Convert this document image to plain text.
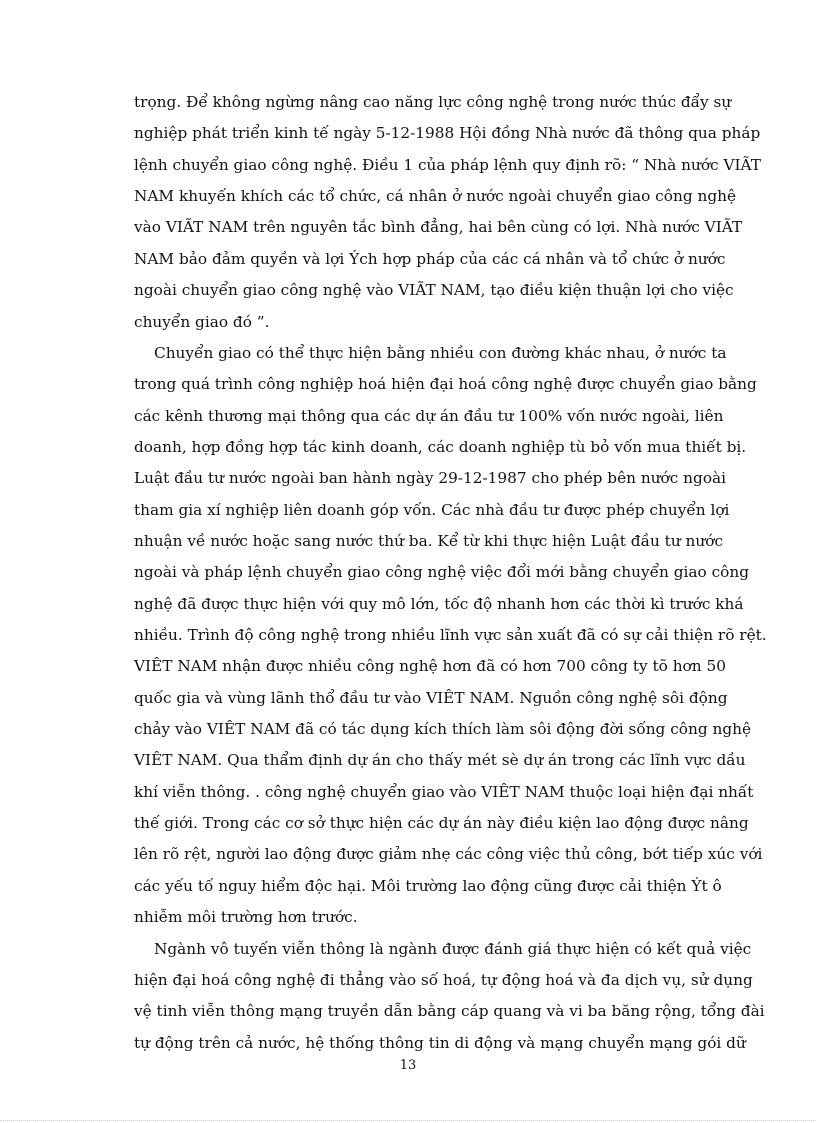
trọng. Để không ngừng nâng cao năng lực công nghệ trong nước thúc đẩy sự
nghiệp phát triển kinh tế ngày 5-12-1988 Hội đồng Nhà nước đã thông qua pháp
lệnh chuyển giao công nghệ. Điều 1 của pháp lệnh quy định rõ: “ Nhà nước VIÃT
NAM khuyến khích các tổ chức, cá nhân ở nước ngoài chuyển giao công nghệ
vào VIÃT NAM trên nguyên tắc bình đẳng, hai bên cùng có lợi. Nhà nước VIÃT
NAM bảo đảm quyền và lợi Ých hợp pháp của các cá nhân và tổ chức ở nước
ngoài chuyển giao công nghệ vào VIÃT NAM, tạo điều kiện thuận lợi cho việc
chuyển giao đó ”.
Chuyển giao có thể thực hiện bằng nhiều con đường khác nhau, ở nước ta
trong quá trình công nghiệp hoá hiện đại hoá công nghệ được chuyển giao bằng
các kênh thương mại thông qua các dự án đầu tư 100% vốn nước ngoài, liên
doanh, hợp đồng hợp tác kinh doanh, các doanh nghiệp tù bỏ vốn mua thiết bị.
Luật đầu tư nước ngoài ban hành ngày 29-12-1987 cho phép bên nước ngoài
tham gia xí nghiệp liên doanh góp vốn. Các nhà đầu tư được phép chuyển lợi
nhuận về nước hoặc sang nước thứ ba. Kể từ khi thực hiện Luật đầu tư nước
ngoài và pháp lệnh chuyển giao công nghệ việc đổi mới bằng chuyển giao công
nghệ đã được thực hiện với quy mô lớn, tốc độ nhanh hơn các thời kì trước khá
nhiều. Trình độ công nghệ trong nhiều lĩnh vực sản xuất đã có sự cải thiện rõ rệt.
VIÊT NAM nhận được nhiều công nghệ hơn đã có hơn 700 công ty tõ hơn 50
quốc gia và vùng lãnh thổ đầu tư vào VIÊT NAM. Nguồn công nghệ sôi động
chảy vào VIÊT NAM đã có tác dụng kích thích làm sôi động đời sống công nghệ
VIÊT NAM. Qua thẩm định dự án cho thấy mét sè dự án trong các lĩnh vực dầu
khí viễn thông. . công nghệ chuyển giao vào VIÊT NAM thuộc loại hiện đại nhất
thế giới. Trong các cơ sở thực hiện các dự án này điều kiện lao động được nâng
lên rõ rệt, người lao động được giảm nhẹ các công việc thủ công, bớt tiếp xúc với
các yếu tố nguy hiểm độc hại. Môi trường lao động cũng được cải thiện Ýt ô
nhiễm môi trường hơn trước.
Ngành vô tuyến viễn thông là ngành được đánh giá thực hiện có kết quả việc
hiện đại hoá công nghệ đi thẳng vào số hoá, tự động hoá và đa dịch vụ, sử dụng
vệ tinh viễn thông mạng truyền dẫn bằng cáp quang và vi ba băng rộng, tổng đài
tự động trên cả nước, hệ thống thông tin di động và mạng chuyển mạng gói dữ
13
